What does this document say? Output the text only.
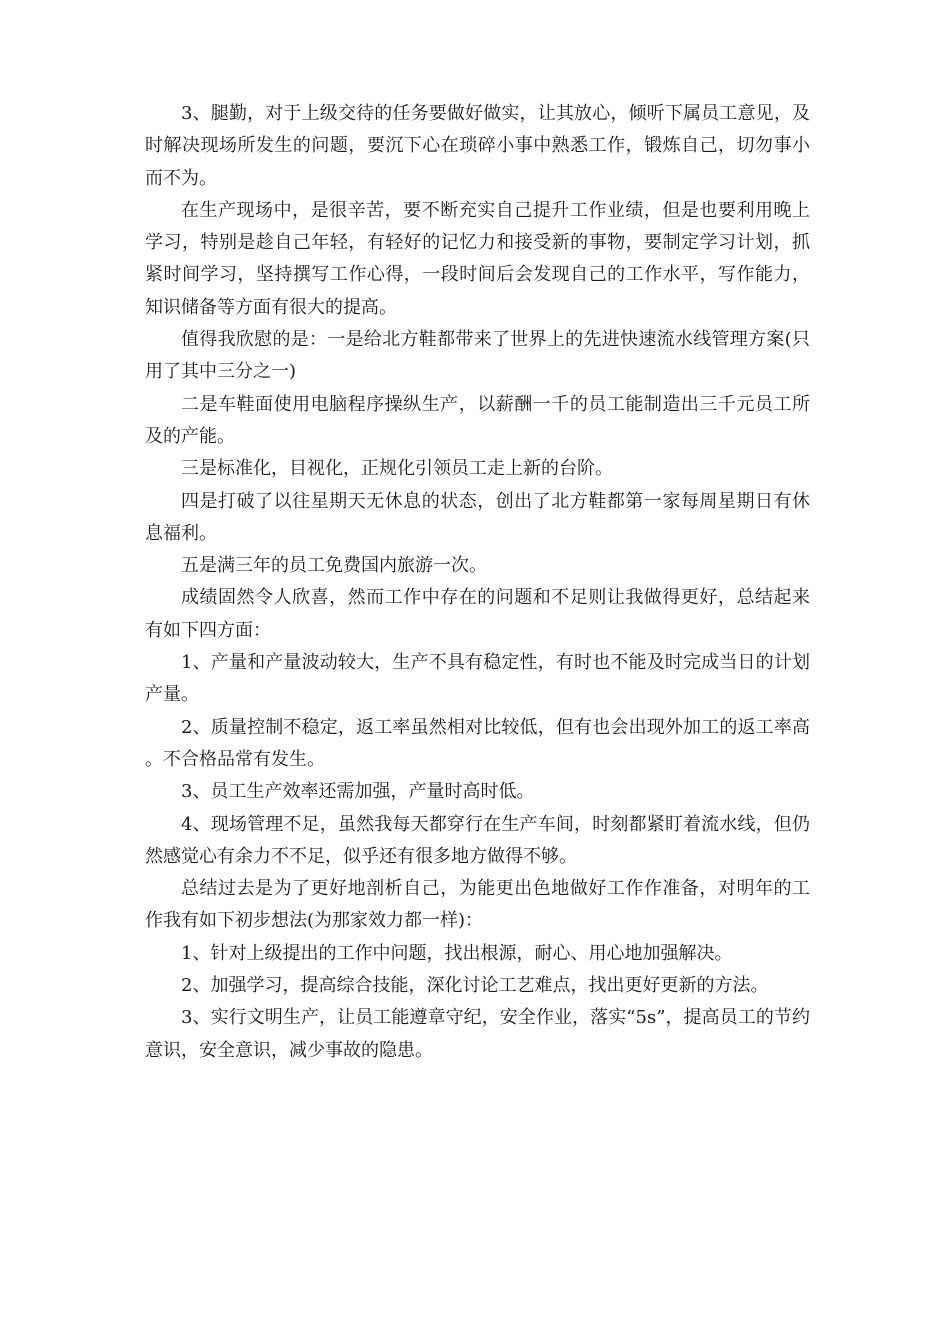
3、腿勤，对于上级交待的任务要做好做实，让其放心，倾听下属员工意见，及时解决现场所发生的问题，要沉下心在琐碎小事中熟悉工作，锻炼自己，切勿事小而不为。

在生产现场中，是很辛苦，要不断充实自己提升工作业绩，但是也要利用晚上学习，特别是趁自己年轻，有轻好的记忆力和接受新的事物，要制定学习计划，抓紧时间学习，坚持撰写工作心得，一段时间后会发现自己的工作水平，写作能力，知识储备等方面有很大的提高。

值得我欣慰的是：一是给北方鞋都带来了世界上的先进快速流水线管理方案(只用了其中三分之一)

二是车鞋面使用电脑程序操纵生产，以薪酬一千的员工能制造出三千元员工所及的产能。

三是标准化，目视化，正规化引领员工走上新的台阶。

四是打破了以往星期天无休息的状态，创出了北方鞋都第一家每周星期日有休息福利。

五是满三年的员工免费国内旅游一次。

成绩固然令人欣喜，然而工作中存在的问题和不足则让我做得更好，总结起来有如下四方面：

1、产量和产量波动较大，生产不具有稳定性，有时也不能及时完成当日的计划产量。

2、质量控制不稳定，返工率虽然相对比较低，但有也会出现外加工的返工率高。不合格品常有发生。

3、员工生产效率还需加强，产量时高时低。

4、现场管理不足，虽然我每天都穿行在生产车间，时刻都紧盯着流水线，但仍然感觉心有余力不不足，似乎还有很多地方做得不够。

总结过去是为了更好地剖析自己，为能更出色地做好工作作准备，对明年的工作我有如下初步想法(为那家效力都一样)：

1、针对上级提出的工作中问题，找出根源，耐心、用心地加强解决。

2、加强学习，提高综合技能，深化讨论工艺难点，找出更好更新的方法。

3、实行文明生产，让员工能遵章守纪，安全作业，落实“5s”，提高员工的节约意识，安全意识，减少事故的隐患。
